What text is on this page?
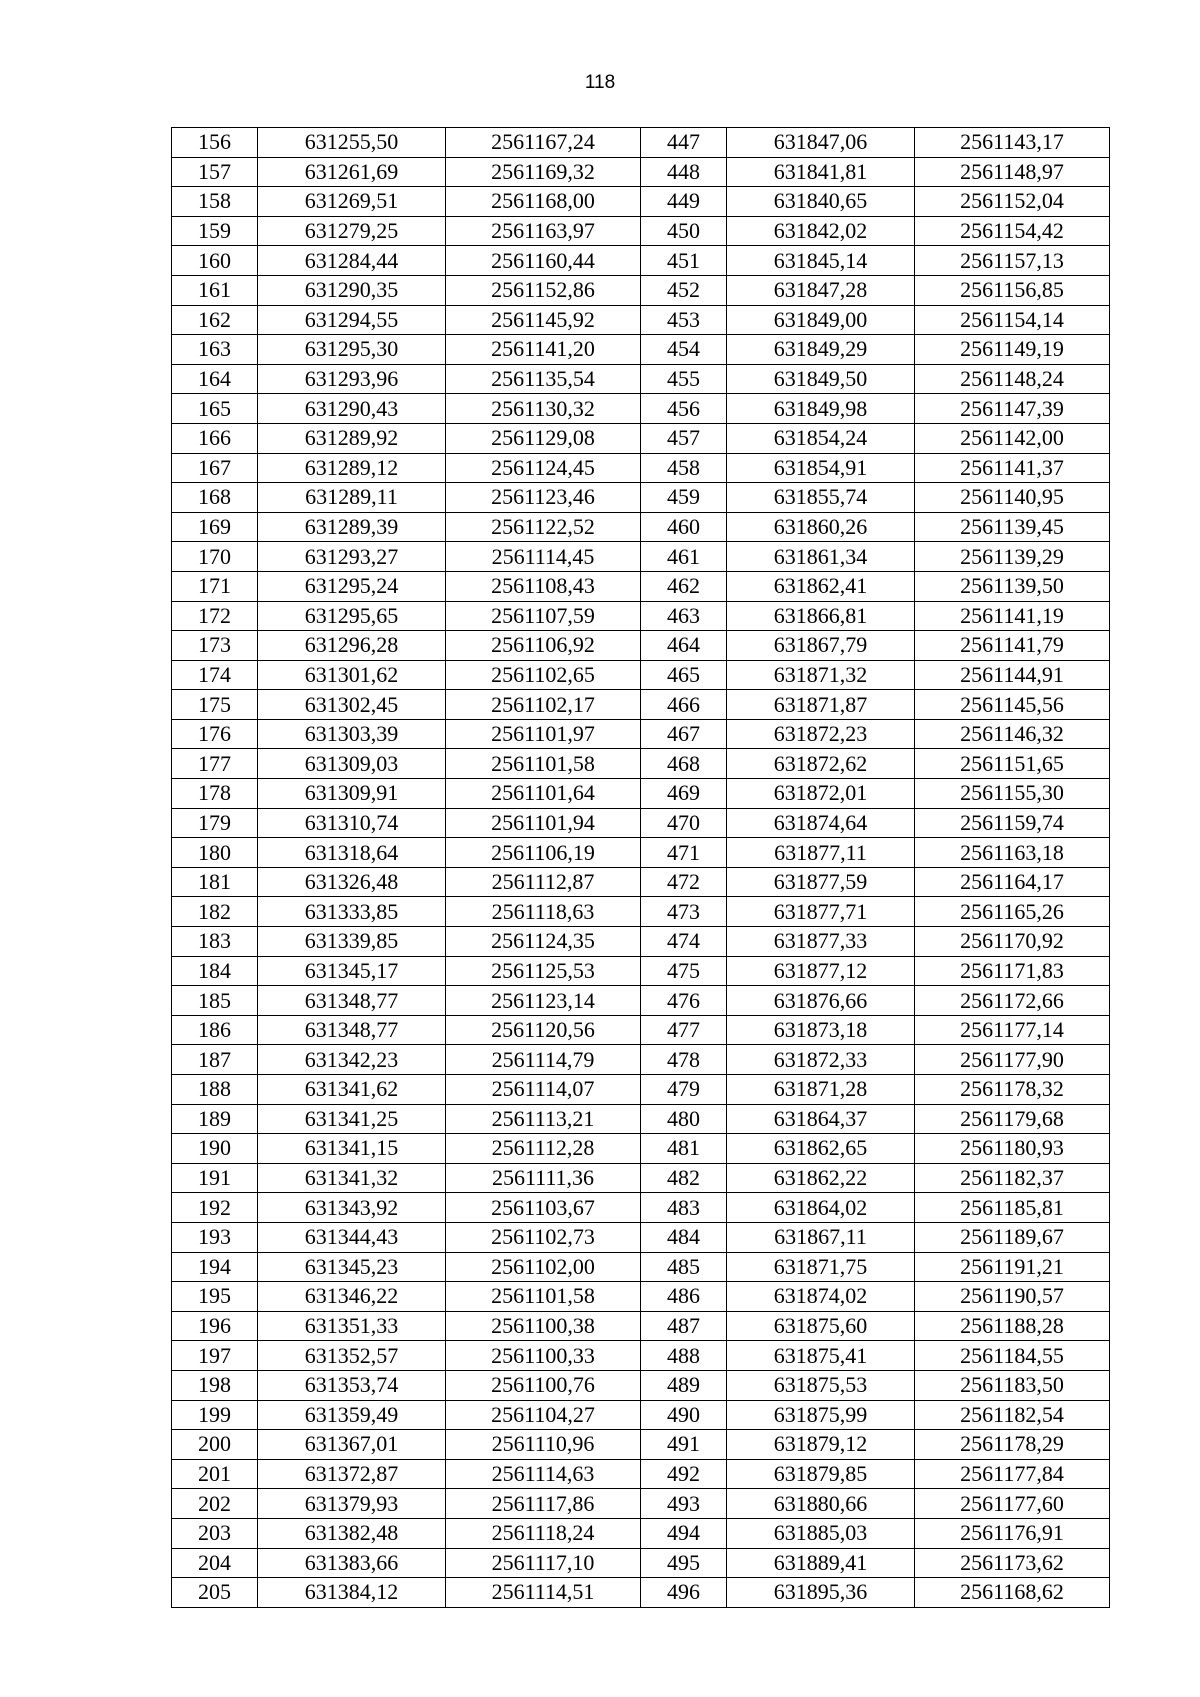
118
156	631255,50	2561167,24	447	631847,06	2561143,17
157	631261,69	2561169,32	448	631841,81	2561148,97
158	631269,51	2561168,00	449	631840,65	2561152,04
159	631279,25	2561163,97	450	631842,02	2561154,42
160	631284,44	2561160,44	451	631845,14	2561157,13
161	631290,35	2561152,86	452	631847,28	2561156,85
162	631294,55	2561145,92	453	631849,00	2561154,14
163	631295,30	2561141,20	454	631849,29	2561149,19
164	631293,96	2561135,54	455	631849,50	2561148,24
165	631290,43	2561130,32	456	631849,98	2561147,39
166	631289,92	2561129,08	457	631854,24	2561142,00
167	631289,12	2561124,45	458	631854,91	2561141,37
168	631289,11	2561123,46	459	631855,74	2561140,95
169	631289,39	2561122,52	460	631860,26	2561139,45
170	631293,27	2561114,45	461	631861,34	2561139,29
171	631295,24	2561108,43	462	631862,41	2561139,50
172	631295,65	2561107,59	463	631866,81	2561141,19
173	631296,28	2561106,92	464	631867,79	2561141,79
174	631301,62	2561102,65	465	631871,32	2561144,91
175	631302,45	2561102,17	466	631871,87	2561145,56
176	631303,39	2561101,97	467	631872,23	2561146,32
177	631309,03	2561101,58	468	631872,62	2561151,65
178	631309,91	2561101,64	469	631872,01	2561155,30
179	631310,74	2561101,94	470	631874,64	2561159,74
180	631318,64	2561106,19	471	631877,11	2561163,18
181	631326,48	2561112,87	472	631877,59	2561164,17
182	631333,85	2561118,63	473	631877,71	2561165,26
183	631339,85	2561124,35	474	631877,33	2561170,92
184	631345,17	2561125,53	475	631877,12	2561171,83
185	631348,77	2561123,14	476	631876,66	2561172,66
186	631348,77	2561120,56	477	631873,18	2561177,14
187	631342,23	2561114,79	478	631872,33	2561177,90
188	631341,62	2561114,07	479	631871,28	2561178,32
189	631341,25	2561113,21	480	631864,37	2561179,68
190	631341,15	2561112,28	481	631862,65	2561180,93
191	631341,32	2561111,36	482	631862,22	2561182,37
192	631343,92	2561103,67	483	631864,02	2561185,81
193	631344,43	2561102,73	484	631867,11	2561189,67
194	631345,23	2561102,00	485	631871,75	2561191,21
195	631346,22	2561101,58	486	631874,02	2561190,57
196	631351,33	2561100,38	487	631875,60	2561188,28
197	631352,57	2561100,33	488	631875,41	2561184,55
198	631353,74	2561100,76	489	631875,53	2561183,50
199	631359,49	2561104,27	490	631875,99	2561182,54
200	631367,01	2561110,96	491	631879,12	2561178,29
201	631372,87	2561114,63	492	631879,85	2561177,84
202	631379,93	2561117,86	493	631880,66	2561177,60
203	631382,48	2561118,24	494	631885,03	2561176,91
204	631383,66	2561117,10	495	631889,41	2561173,62
205	631384,12	2561114,51	496	631895,36	2561168,62
